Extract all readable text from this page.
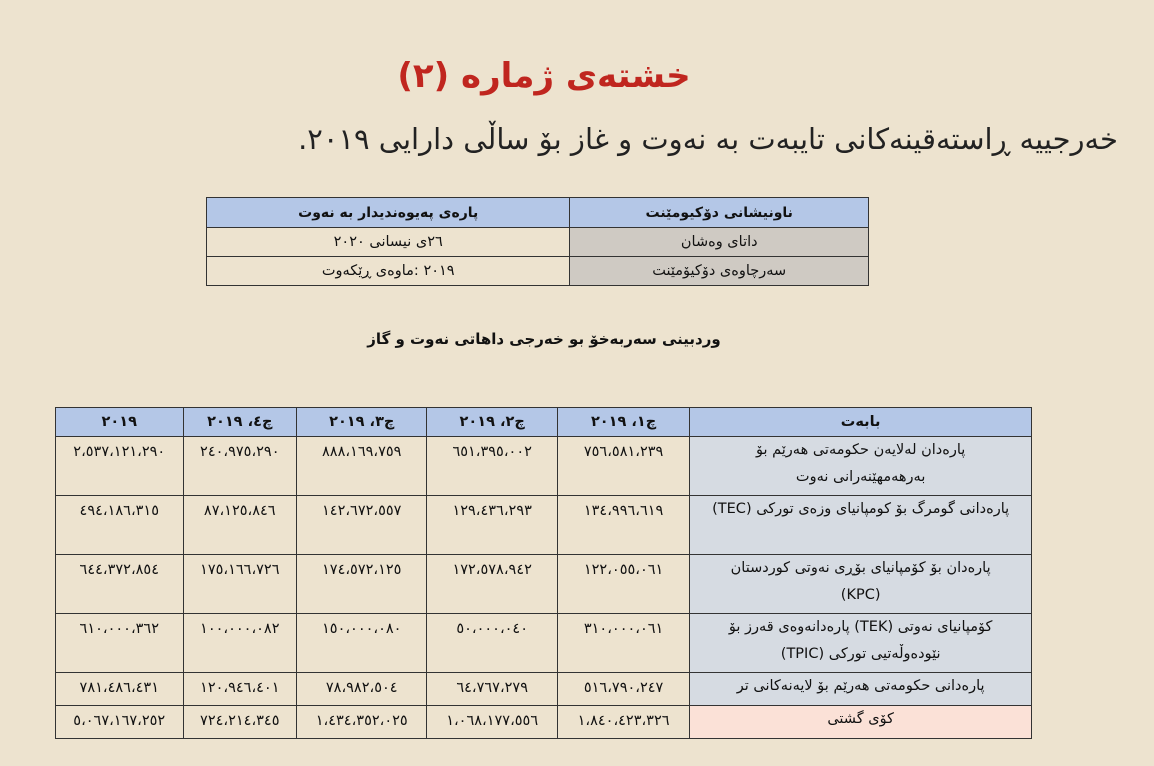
خشتەی ژمارە (٢)
خەرجییە ڕاستەقینەکانی تایبەت بە نەوت و غاز بۆ ساڵی دارایی ٢٠١٩.
ناونیشانی دۆکیومێنت	پارەی پەیوەندیدار بە نەوت
داتای وەشان	٢٦ی نیسانی ٢٠٢٠
سەرچاوەی دۆکیۆمێنت	٢٠١٩ :ماوەی ڕێکەوت
وردبینی سەربەخۆ بو خەرجی داهاتی نەوت و گاز
بابەت	چ١، ٢٠١٩	چ٢، ٢٠١٩	چ٣، ٢٠١٩	چ٤، ٢٠١٩	٢٠١٩
پارەدان لەلایەن حکومەتی هەرێم بۆ بەرهەمهێنەرانی نەوت	٧٥٦،٥٨١،٢٣٩	٦٥١،٣٩٥،٠٠٢	٨٨٨،١٦٩،٧٥٩	٢٤٠،٩٧٥،٢٩٠	٢،٥٣٧،١٢١،٢٩٠
پارەدانی گومرگ بۆ کومپانیای وزەی تورکی (TEC)	١٣٤،٩٩٦،٦١٩	١٢٩،٤٣٦،٢٩٣	١٤٢،٦٧٢،٥٥٧	٨٧،١٢٥،٨٤٦	٤٩٤،١٨٦،٣١٥
پارەدان بۆ کۆمپانیای بۆڕی نەوتی کوردستان (KPC)	١٢٢،٠٥٥،٠٦١	١٧٢،٥٧٨،٩٤٢	١٧٤،٥٧٢،١٢٥	١٧٥،١٦٦،٧٢٦	٦٤٤،٣٧٢،٨٥٤
کۆمپانیای نەوتی (TEK) پارەدانەوەی قەرز بۆ نێودەوڵەتیی تورکی (TPIC)	٣١٠،٠٠٠،٠٦١	٥٠،٠٠٠،٠٤٠	١٥٠،٠٠٠،٠٨٠	١٠٠،٠٠٠،٠٨٢	٦١٠،٠٠٠،٣٦٢
پارەدانی حکومەتی هەرێم بۆ لایەنەکانی تر	٥١٦،٧٩٠،٢٤٧	٦٤،٧٦٧،٢٧٩	٧٨،٩٨٢،٥٠٤	١٢٠،٩٤٦،٤٠١	٧٨١،٤٨٦،٤٣١
کۆی گشتی	١،٨٤٠،٤٢٣،٣٢٦	١،٠٦٨،١٧٧،٥٥٦	١،٤٣٤،٣٥٢،٠٢٥	٧٢٤،٢١٤،٣٤٥	٥،٠٦٧،١٦٧،٢٥٢
